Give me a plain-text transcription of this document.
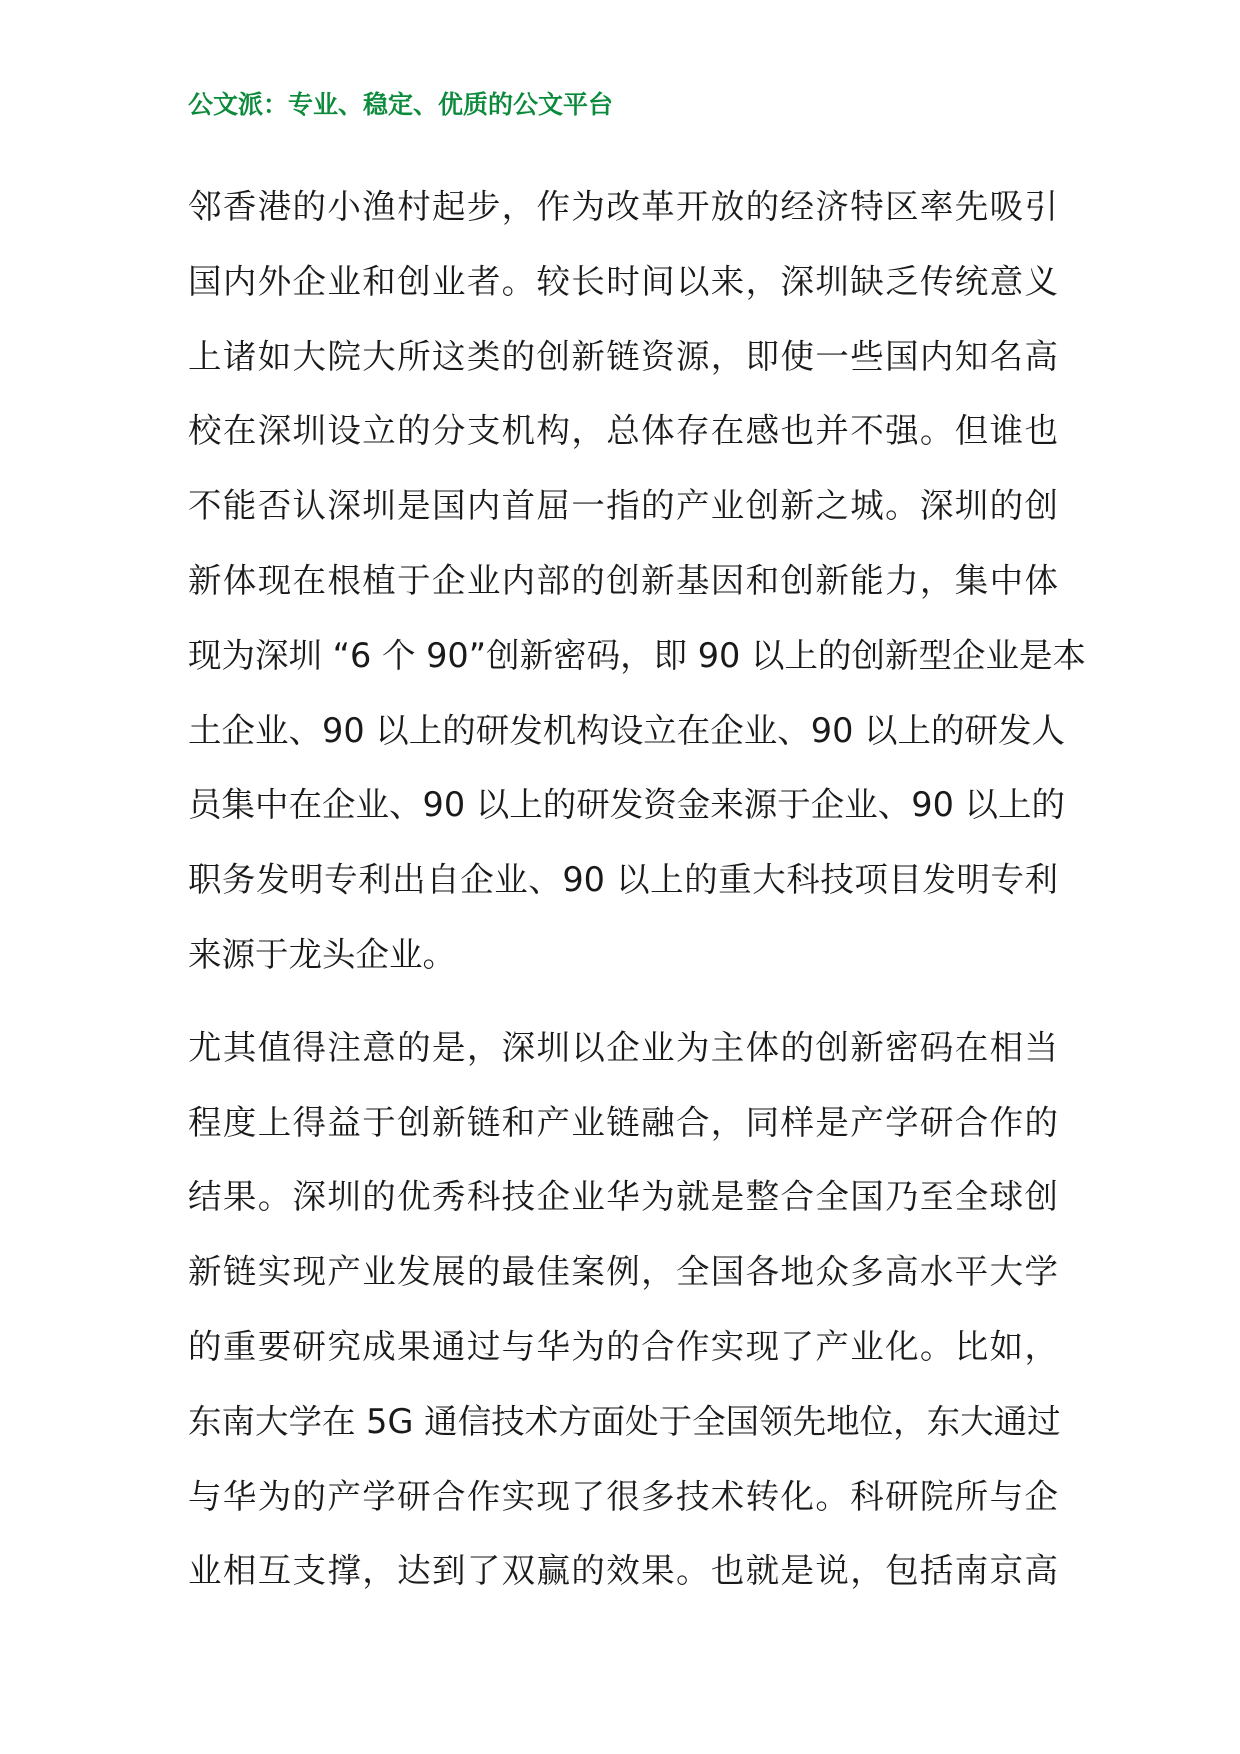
公文派：专业、稳定、优质的公文平台
邻香港的小渔村起步，作为改革开放的经济特区率先吸引
国内外企业和创业者。较长时间以来，深圳缺乏传统意义
上诸如大院大所这类的创新链资源，即使一些国内知名高
校在深圳设立的分支机构，总体存在感也并不强。但谁也
不能否认深圳是国内首屈一指的产业创新之城。深圳的创
新体现在根植于企业内部的创新基因和创新能力，集中体
现为深圳 “6 个 90”创新密码，即 90 以上的创新型企业是本
土企业、90 以上的研发机构设立在企业、90 以上的研发人
员集中在企业、90 以上的研发资金来源于企业、90 以上的
职务发明专利出自企业、90 以上的重大科技项目发明专利
来源于龙头企业。
尤其值得注意的是，深圳以企业为主体的创新密码在相当
程度上得益于创新链和产业链融合，同样是产学研合作的
结果。深圳的优秀科技企业华为就是整合全国乃至全球创
新链实现产业发展的最佳案例，全国各地众多高水平大学
的重要研究成果通过与华为的合作实现了产业化。比如，
东南大学在 5G 通信技术方面处于全国领先地位，东大通过
与华为的产学研合作实现了很多技术转化。科研院所与企
业相互支撑，达到了双赢的效果。也就是说，包括南京高
